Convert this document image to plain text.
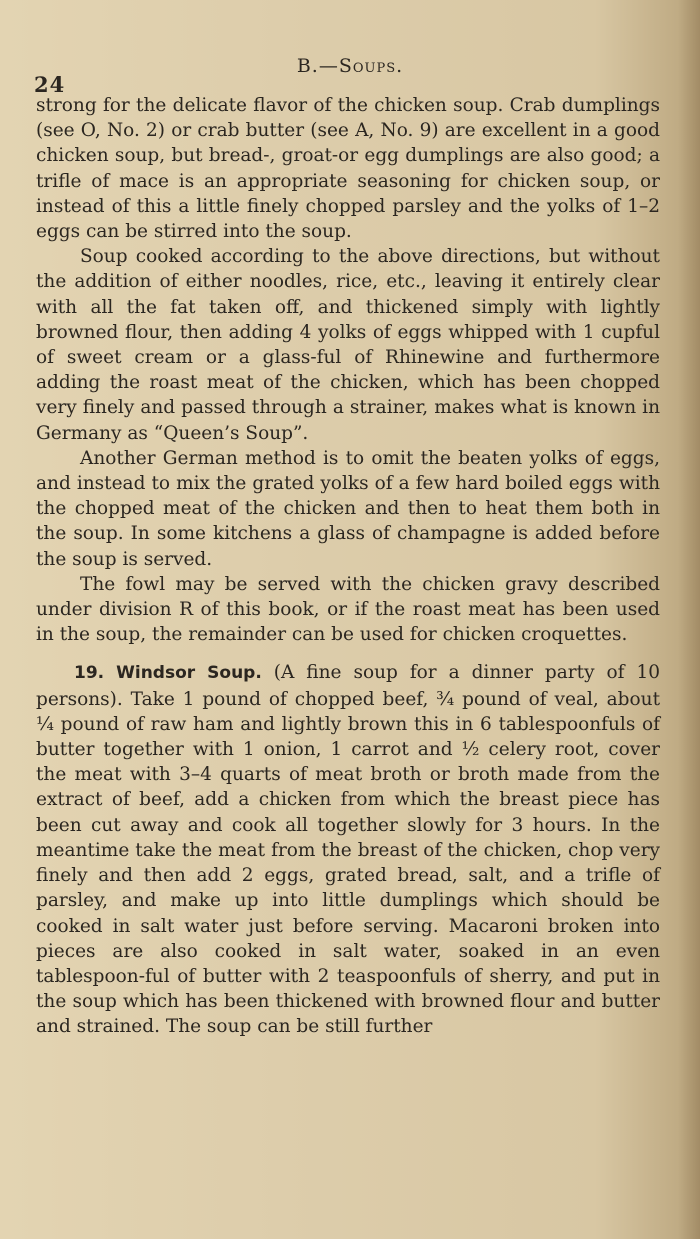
24
B.—Soups.

strong for the delicate flavor of the chicken soup. Crab dumplings (see O, No. 2) or crab butter (see A, No. 9) are excellent in a good chicken soup, but bread-, groat-or egg dumplings are also good; a trifle of mace is an appropriate seasoning for chicken soup, or instead of this a little finely chopped parsley and the yolks of 1–2 eggs can be stirred into the soup.

Soup cooked according to the above directions, but without the addition of either noodles, rice, etc., leaving it entirely clear with all the fat taken off, and thickened simply with lightly browned flour, then adding 4 yolks of eggs whipped with 1 cupful of sweet cream or a glass-ful of Rhinewine and furthermore adding the roast meat of the chicken, which has been chopped very finely and passed through a strainer, makes what is known in Germany as “Queen’s Soup”.

Another German method is to omit the beaten yolks of eggs, and instead to mix the grated yolks of a few hard boiled eggs with the chopped meat of the chicken and then to heat them both in the soup. In some kitchens a glass of champagne is added before the soup is served.

The fowl may be served with the chicken gravy described under division R of this book, or if the roast meat has been used in the soup, the remainder can be used for chicken croquettes.

19. Windsor Soup. (A fine soup for a dinner party of 10 persons). Take 1 pound of chopped beef, ¾ pound of veal, about ¼ pound of raw ham and lightly brown this in 6 tablespoonfuls of butter together with 1 onion, 1 carrot and ½ celery root, cover the meat with 3–4 quarts of meat broth or broth made from the extract of beef, add a chicken from which the breast piece has been cut away and cook all together slowly for 3 hours. In the meantime take the meat from the breast of the chicken, chop very finely and then add 2 eggs, grated bread, salt, and a trifle of parsley, and make up into little dumplings which should be cooked in salt water just before serving. Macaroni broken into pieces are also cooked in salt water, soaked in an even tablespoon-ful of butter with 2 teaspoonfuls of sherry, and put in the soup which has been thickened with browned flour and butter and strained. The soup can be still further
